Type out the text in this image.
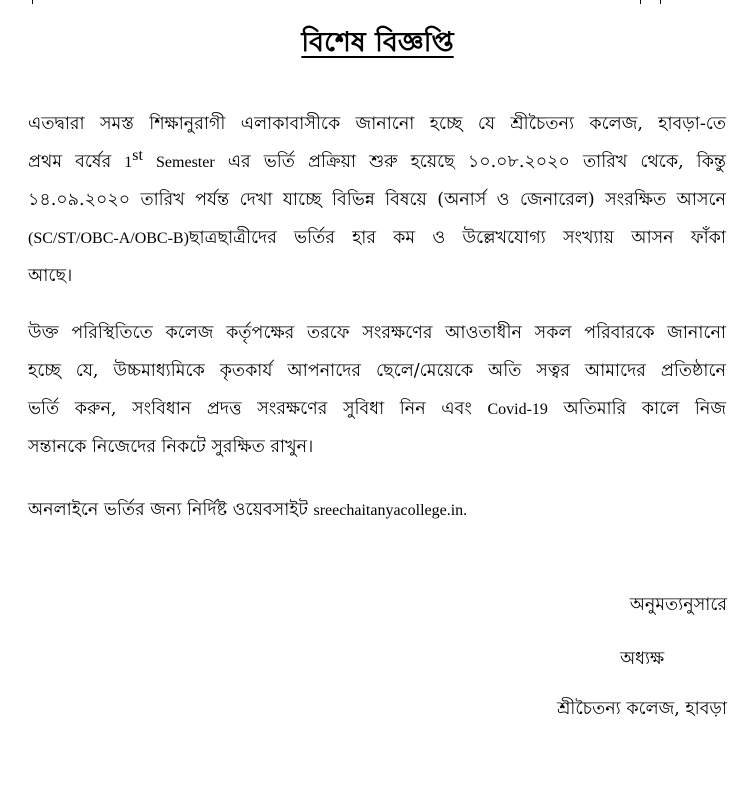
বিশেষ বিজ্ঞপ্তি
এতদ্বারা সমস্ত শিক্ষানুরাগী এলাকাবাসীকে জানানো হচ্ছে যে শ্রীচৈতন্য কলেজ, হাবড়া-তে
প্রথম বর্ষের 1st Semester এর ভর্তি প্রক্রিয়া শুরু হয়েছে ১০.০৮.২০২০ তারিখ থেকে, কিন্তু
১৪.০৯.২০২০ তারিখ পর্যন্ত দেখা যাচ্ছে বিভিন্ন বিষয়ে (অনার্স ও জেনারেল) সংরক্ষিত আসনে
(SC/ST/OBC-A/OBC-B)ছাত্রছাত্রীদের ভর্তির হার কম ও উল্লেখযোগ্য সংখ্যায় আসন ফাঁকা
আছে।
উক্ত পরিস্থিতিতে কলেজ কর্তৃপক্ষের তরফে সংরক্ষণের আওতাধীন সকল পরিবারকে জানানো
হচ্ছে যে, উচ্চমাধ্যমিকে কৃতকার্য আপনাদের ছেলে/মেয়েকে অতি সত্বর আমাদের প্রতিষ্ঠানে
ভর্তি করুন, সংবিধান প্রদত্ত সংরক্ষণের সুবিধা নিন এবং Covid-19 অতিমারি কালে নিজ
সন্তানকে নিজেদের নিকটে সুরক্ষিত রাখুন।
অনলাইনে ভর্তির জন্য নির্দিষ্ট ওয়েবসাইট sreechaitanyacollege.in.
অনুমত্যনুসারে
অধ্যক্ষ
শ্রীচৈতন্য কলেজ, হাবড়া
